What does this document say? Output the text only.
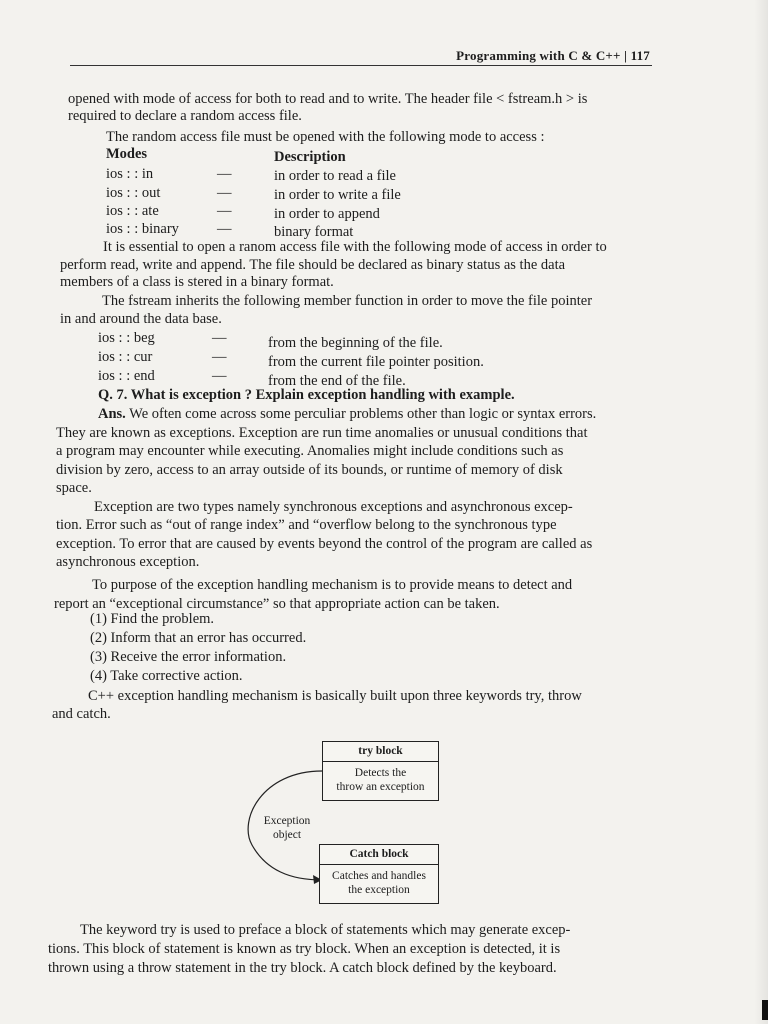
Programming with C & C++ | 117
opened with mode of access for both to read and to write. The header file < fstream.h > is
required to declare a random access file.
The random access file must be opened with the following mode to access :
Modes	Description
ios : : in	—	in order to read a file
ios : : out	—	in order to write a file
ios : : ate	—	in order to append
ios : : binary	—	binary format
It is essential to open a ranom access file with the following mode of access in order to
perform read, write and append. The file should be declared as binary status as the data
members of a class is stered in a binary format.
The fstream inherits the following member function in order to move the file pointer
in and around the data base.
ios : : beg	—	from the beginning of the file.
ios : : cur	—	from the current file pointer position.
ios : : end	—	from the end of the file.
Q. 7. What is exception ? Explain exception handling with example.
Ans. We often come across some perculiar problems other than logic or syntax errors.
They are known as exceptions. Exception are run time anomalies or unusual conditions that
a program may encounter while executing. Anomalies might include conditions such as
division by zero, access to an array outside of its bounds, or runtime of memory of disk
space.
Exception are two types namely synchronous exceptions and asynchronous excep-
tion. Error such as “out of range index” and “overflow belong to the synchronous type
exception. To error that are caused by events beyond the control of the program are called as
asynchronous exception.
To purpose of the exception handling mechanism is to provide means to detect and
report an “exceptional circumstance” so that appropriate action can be taken.
(1) Find the problem.
(2) Inform that an error has occurred.
(3) Receive the error information.
(4) Take corrective action.
C++ exception handling mechanism is basically built upon three keywords try, throw
and catch.
try block
Detects the
throw an exception
Exception
object
Catch block
Catches and handles
the exception
The keyword try is used to preface a block of statements which may generate excep-
tions. This block of statement is known as try block. When an exception is detected, it is
thrown using a throw statement in the try block. A catch block defined by the keyboard.
